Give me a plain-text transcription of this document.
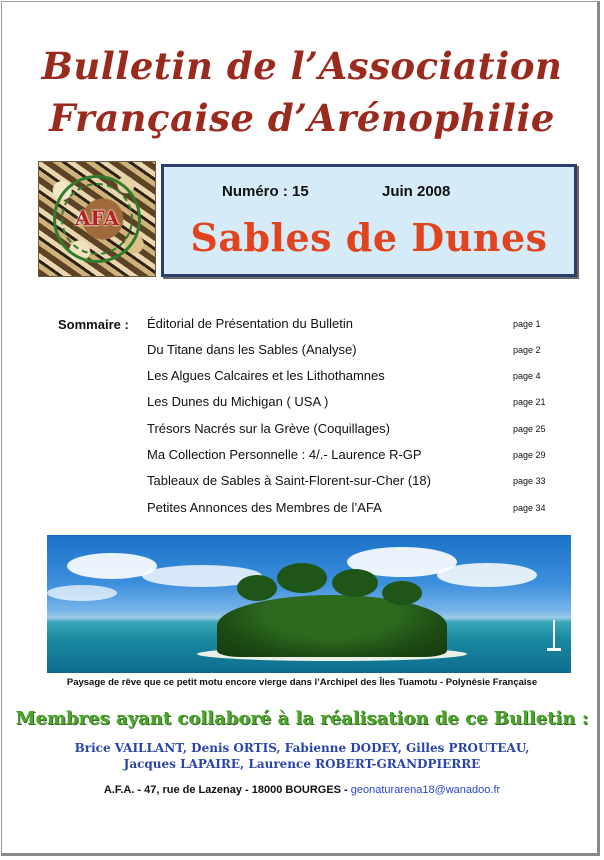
Bulletin de l’Association
Française d’Arénophilie
AFA
Numéro : 15	Juin 2008
Sables de Dunes
Sommaire : Éditorial de Présentation du Bulletin	page 1
Du Titane dans les Sables (Analyse)	page 2
Les Algues Calcaires et les Lithothamnes	page 4
Les Dunes du Michigan ( USA )	page 21
Trésors Nacrés sur la Grève (Coquillages)	page 25
Ma Collection Personnelle : 4/.- Laurence R-GP	page 29
Tableaux de Sables à Saint-Florent-sur-Cher (18)	page 33
Petites Annonces des Membres de l’AFA	page 34
Paysage de rêve que ce petit motu encore vierge dans l’Archipel des Îles Tuamotu - Polynésie Française
Membres ayant collaboré à la réalisation de ce Bulletin :
Brice VAILLANT, Denis ORTIS, Fabienne DODEY, Gilles PROUTEAU,
Jacques LAPAIRE, Laurence ROBERT-GRANDPIERRE
A.F.A. - 47, rue de Lazenay - 18000 BOURGES - geonaturarena18@wanadoo.fr
